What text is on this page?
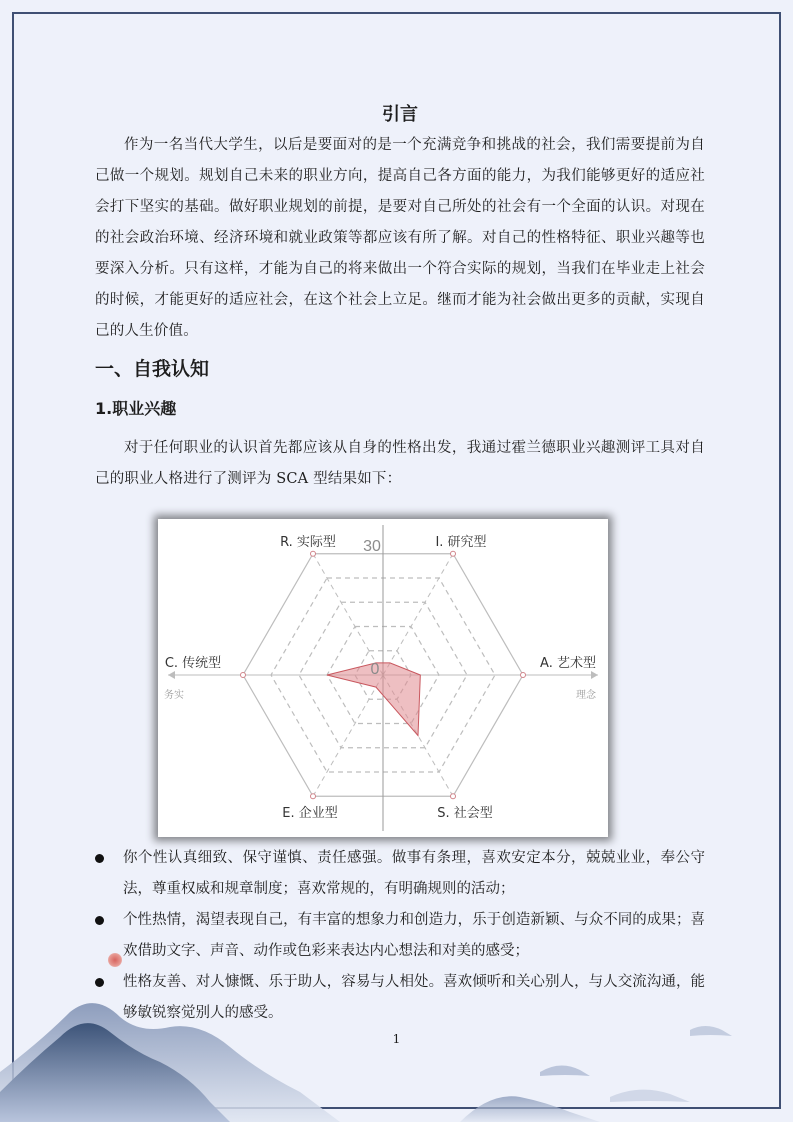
引言

作为一名当代大学生，以后是要面对的是一个充满竞争和挑战的社会，我们需要提前为自己做一个规划。规划自己未来的职业方向，提高自己各方面的能力，为我们能够更好的适应社会打下坚实的基础。做好职业规划的前提，是要对自己所处的社会有一个全面的认识。对现在的社会政治环境、经济环境和就业政策等都应该有所了解。对自己的性格特征、职业兴趣等也要深入分析。只有这样，才能为自己的将来做出一个符合实际的规划，当我们在毕业走上社会的时候，才能更好的适应社会，在这个社会上立足。继而才能为社会做出更多的贡献，实现自己的人生价值。

一、自我认知
1.职业兴趣

对于任何职业的认识首先都应该从自身的性格出发，我通过霍兰德职业兴趣测评工具对自己的职业人格进行了测评为 SCA 型结果如下：

30
0
R. 实际型	I. 研究型
A. 艺术型
S. 社会型
E. 企业型
C. 传统型
务实	理念
你个性认真细致、保守谨慎、责任感强。做事有条理，喜欢安定本分，兢兢业业，奉公守法，尊重权威和规章制度；喜欢常规的，有明确规则的活动；
个性热情，渴望表现自己，有丰富的想象力和创造力，乐于创造新颖、与众不同的成果；喜欢借助文字、声音、动作或色彩来表达内心想法和对美的感受；
性格友善、对人慷慨、乐于助人，容易与人相处。喜欢倾听和关心别人，与人交流沟通，能够敏锐察觉别人的感受。
1
